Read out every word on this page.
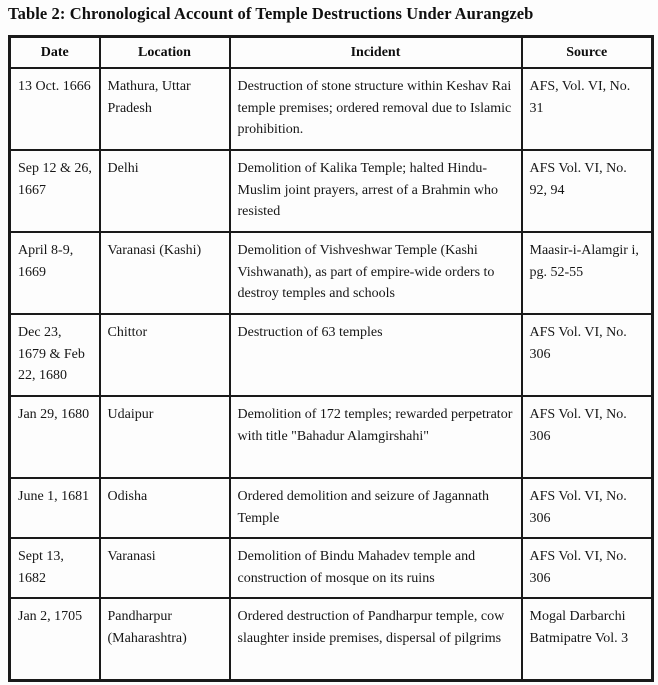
Table 2: Chronological Account of Temple Destructions Under Aurangzeb
Date	Location	Incident	Source
13 Oct. 1666	Mathura, Uttar Pradesh	Destruction of stone structure within Keshav Rai temple premises; ordered removal due to Islamic prohibition.	AFS, Vol. VI, No. 31
Sep 12 & 26, 1667	Delhi	Demolition of Kalika Temple; halted Hindu-Muslim joint prayers, arrest of a Brahmin who resisted	AFS Vol. VI, No. 92, 94
April 8-9, 1669	Varanasi (Kashi)	Demolition of Vishveshwar Temple (Kashi Vishwanath), as part of empire-wide orders to destroy temples and schools	Maasir-i-Alamgir i, pg. 52-55
Dec 23, 1679 & Feb 22, 1680	Chittor	Destruction of 63 temples	AFS Vol. VI, No. 306
Jan 29, 1680	Udaipur	Demolition of 172 temples; rewarded perpetrator with title "Bahadur Alamgirshahi"	AFS Vol. VI, No. 306
June 1, 1681	Odisha	Ordered demolition and seizure of Jagannath Temple	AFS Vol. VI, No. 306
Sept 13, 1682	Varanasi	Demolition of Bindu Mahadev temple and construction of mosque on its ruins	AFS Vol. VI, No. 306
Jan 2, 1705	Pandharpur (Maharashtra)	Ordered destruction of Pandharpur temple, cow slaughter inside premises, dispersal of pilgrims	Mogal Darbarchi Batmipatre Vol. 3
